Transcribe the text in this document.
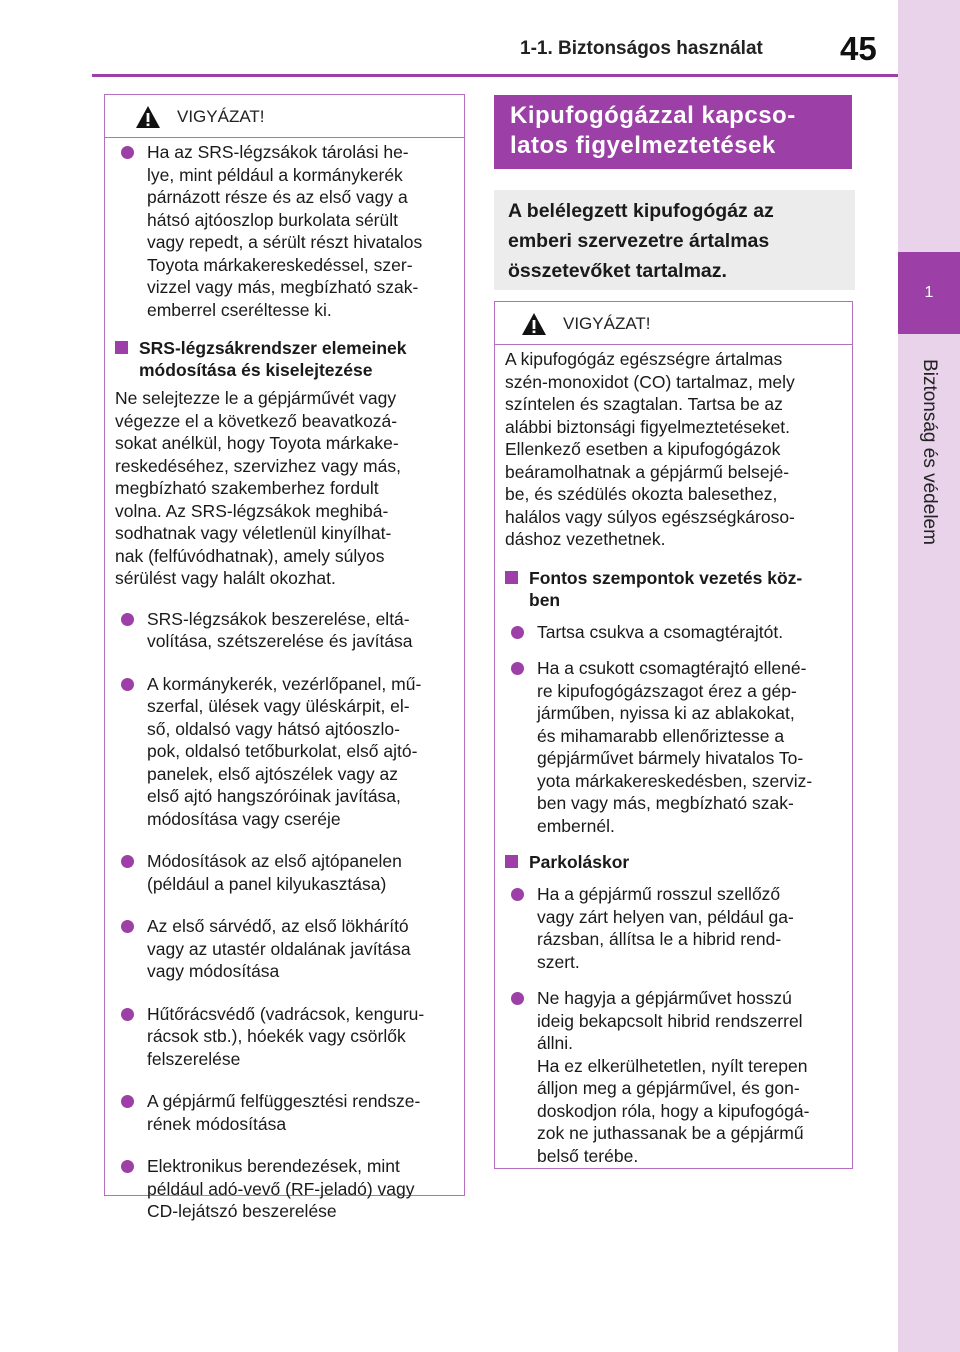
1
Biztonság és védelem
1-1. Biztonságos használat 45
VIGYÁZAT!
Ha az SRS-légzsákok tárolási he-
lye, mint például a kormánykerék
párnázott része és az első vagy a
hátsó ajtóoszlop burkolata sérült
vagy repedt, a sérült részt hivatalos
Toyota márkakereskedéssel, szer-
vizzel vagy más, megbízható szak-
emberrel cseréltesse ki.
SRS-légzsákrendszer elemeinek
módosítása és kiselejtezése
Ne selejtezze le a gépjárművét vagy
végezze el a következő beavatkozá-
sokat anélkül, hogy Toyota márkake-
reskedéséhez, szervizhez vagy más,
megbízható szakemberhez fordult
volna. Az SRS-légzsákok meghibá-
sodhatnak vagy véletlenül kinyílhat-
nak (felfúvódhatnak), amely súlyos
sérülést vagy halált okozhat.
SRS-légzsákok beszerelése, eltá-
volítása, szétszerelése és javítása
A kormánykerék, vezérlőpanel, mű-
szerfal, ülések vagy üléskárpit, el-
ső, oldalsó vagy hátsó ajtóoszlo-
pok, oldalsó tetőburkolat, első ajtó-
panelek, első ajtószélek vagy az
első ajtó hangszóróinak javítása,
módosítása vagy cseréje
Módosítások az első ajtópanelen
(például a panel kilyukasztása)
Az első sárvédő, az első lökhárító
vagy az utastér oldalának javítása
vagy módosítása
Hűtőrácsvédő (vadrácsok, kenguru-
rácsok stb.), hóekék vagy csörlők
felszerelése
A gépjármű felfüggesztési rendsze-
rének módosítása
Elektronikus berendezések, mint
például adó-vevő (RF-jeladó) vagy
CD-lejátszó beszerelése
Kipufogógázzal kapcso-
latos figyelmeztetések
A belélegzett kipufogógáz az
emberi szervezetre ártalmas
összetevőket tartalmaz.
VIGYÁZAT!
A kipufogógáz egészségre ártalmas
szén-monoxidot (CO) tartalmaz, mely
színtelen és szagtalan. Tartsa be az
alábbi biztonsági figyelmeztetéseket.
Ellenkező esetben a kipufogógázok
beáramolhatnak a gépjármű belsejé-
be, és szédülés okozta balesethez,
halálos vagy súlyos egészségkároso-
dáshoz vezethetnek.
Fontos szempontok vezetés köz-
ben
Tartsa csukva a csomagtérajtót.
Ha a csukott csomagtérajtó ellené-
re kipufogógázszagot érez a gép-
járműben, nyissa ki az ablakokat,
és mihamarabb ellenőriztesse a
gépjárművet bármely hivatalos To-
yota márkakereskedésben, szerviz-
ben vagy más, megbízható szak-
embernél.
Parkoláskor
Ha a gépjármű rosszul szellőző
vagy zárt helyen van, például ga-
rázsban, állítsa le a hibrid rend-
szert.
Ne hagyja a gépjárművet hosszú
ideig bekapcsolt hibrid rendszerrel
állni.
Ha ez elkerülhetetlen, nyílt terepen
álljon meg a gépjárművel, és gon-
doskodjon róla, hogy a kipufogógá-
zok ne juthassanak be a gépjármű
belső terébe.
